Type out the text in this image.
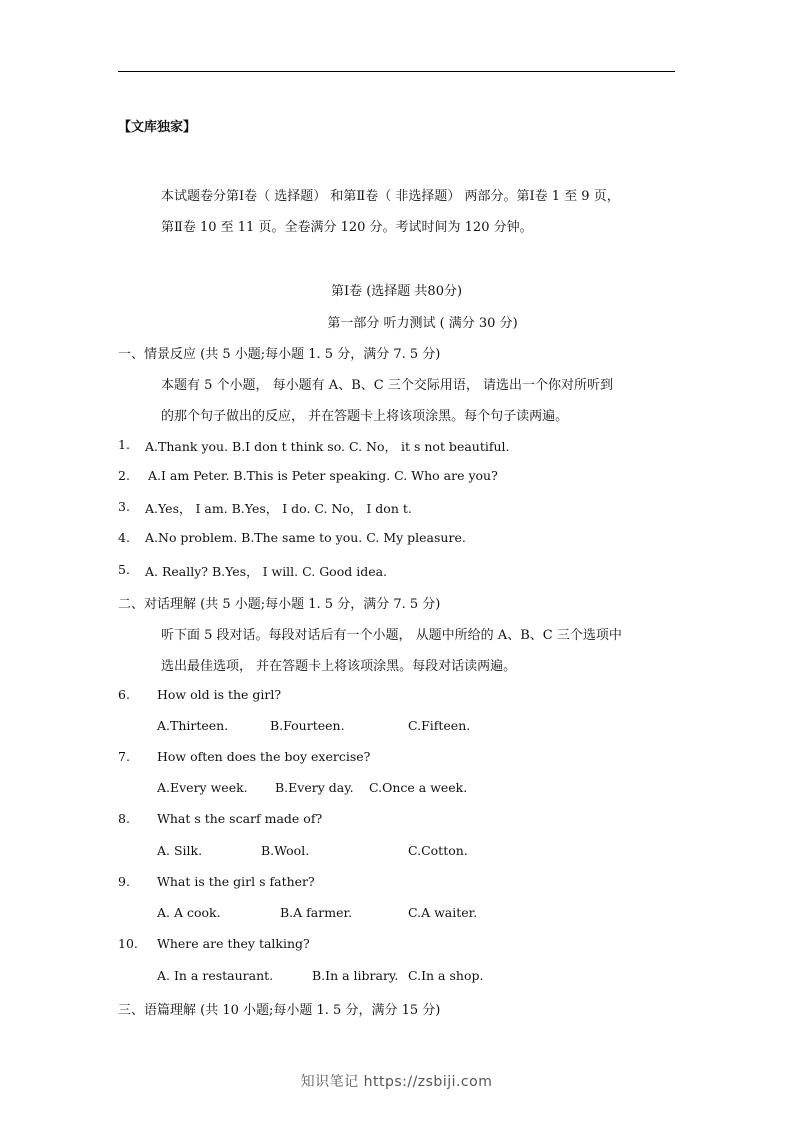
【文库独家】
本试题卷分第Ⅰ卷（ 选择题） 和第Ⅱ卷（ 非选择题） 两部分。第Ⅰ卷 1 至 9 页，
第Ⅱ卷 10 至 11 页。全卷满分 120 分。考试时间为 120 分钟。
第Ⅰ卷 (选择题 共80分)
第一部分 听力测试 ( 满分 30 分)
一、情景反应 (共 5 小题;每小题 1. 5 分，满分 7. 5 分)
本题有 5 个小题， 每小题有 A、B、C 三个交际用语， 请选出一个你对所听到
的那个句子做出的反应， 并在答题卡上将该项涂黑。每个句子读两遍。
1. A.Thank you. B.I don t think so. C. No， it s not beautiful.
2. A.I am Peter. B.This is Peter speaking. C. Who are you?
3. A.Yes， I am. B.Yes， I do. C. No， I don t.
4. A.No problem. B.The same to you. C. My pleasure.
5. A. Really? B.Yes， I will. C. Good idea.
二、对话理解 (共 5 小题;每小题 1. 5 分，满分 7. 5 分)
听下面 5 段对话。每段对话后有一个小题， 从题中所给的 A、B、C 三个选项中
选出最佳选项， 并在答题卡上将该项涂黑。每段对话读两遍。
6. How old is the girl?
A.Thirteen.	B.Fourteen.	C.Fifteen.
7. How often does the boy exercise?
A.Every week. B.Every day. C.Once a week.
8. What s the scarf made of?
A. Silk.	B.Wool.	C.Cotton.
9. What is the girl s father?
A. A cook.	B.A farmer.	C.A waiter.
10. Where are they talking?
A. In a restaurant.	B.In a library. C.In a shop.
三、语篇理解 (共 10 小题;每小题 1. 5 分，满分 15 分)
知识笔记 https://zsbiji.com
